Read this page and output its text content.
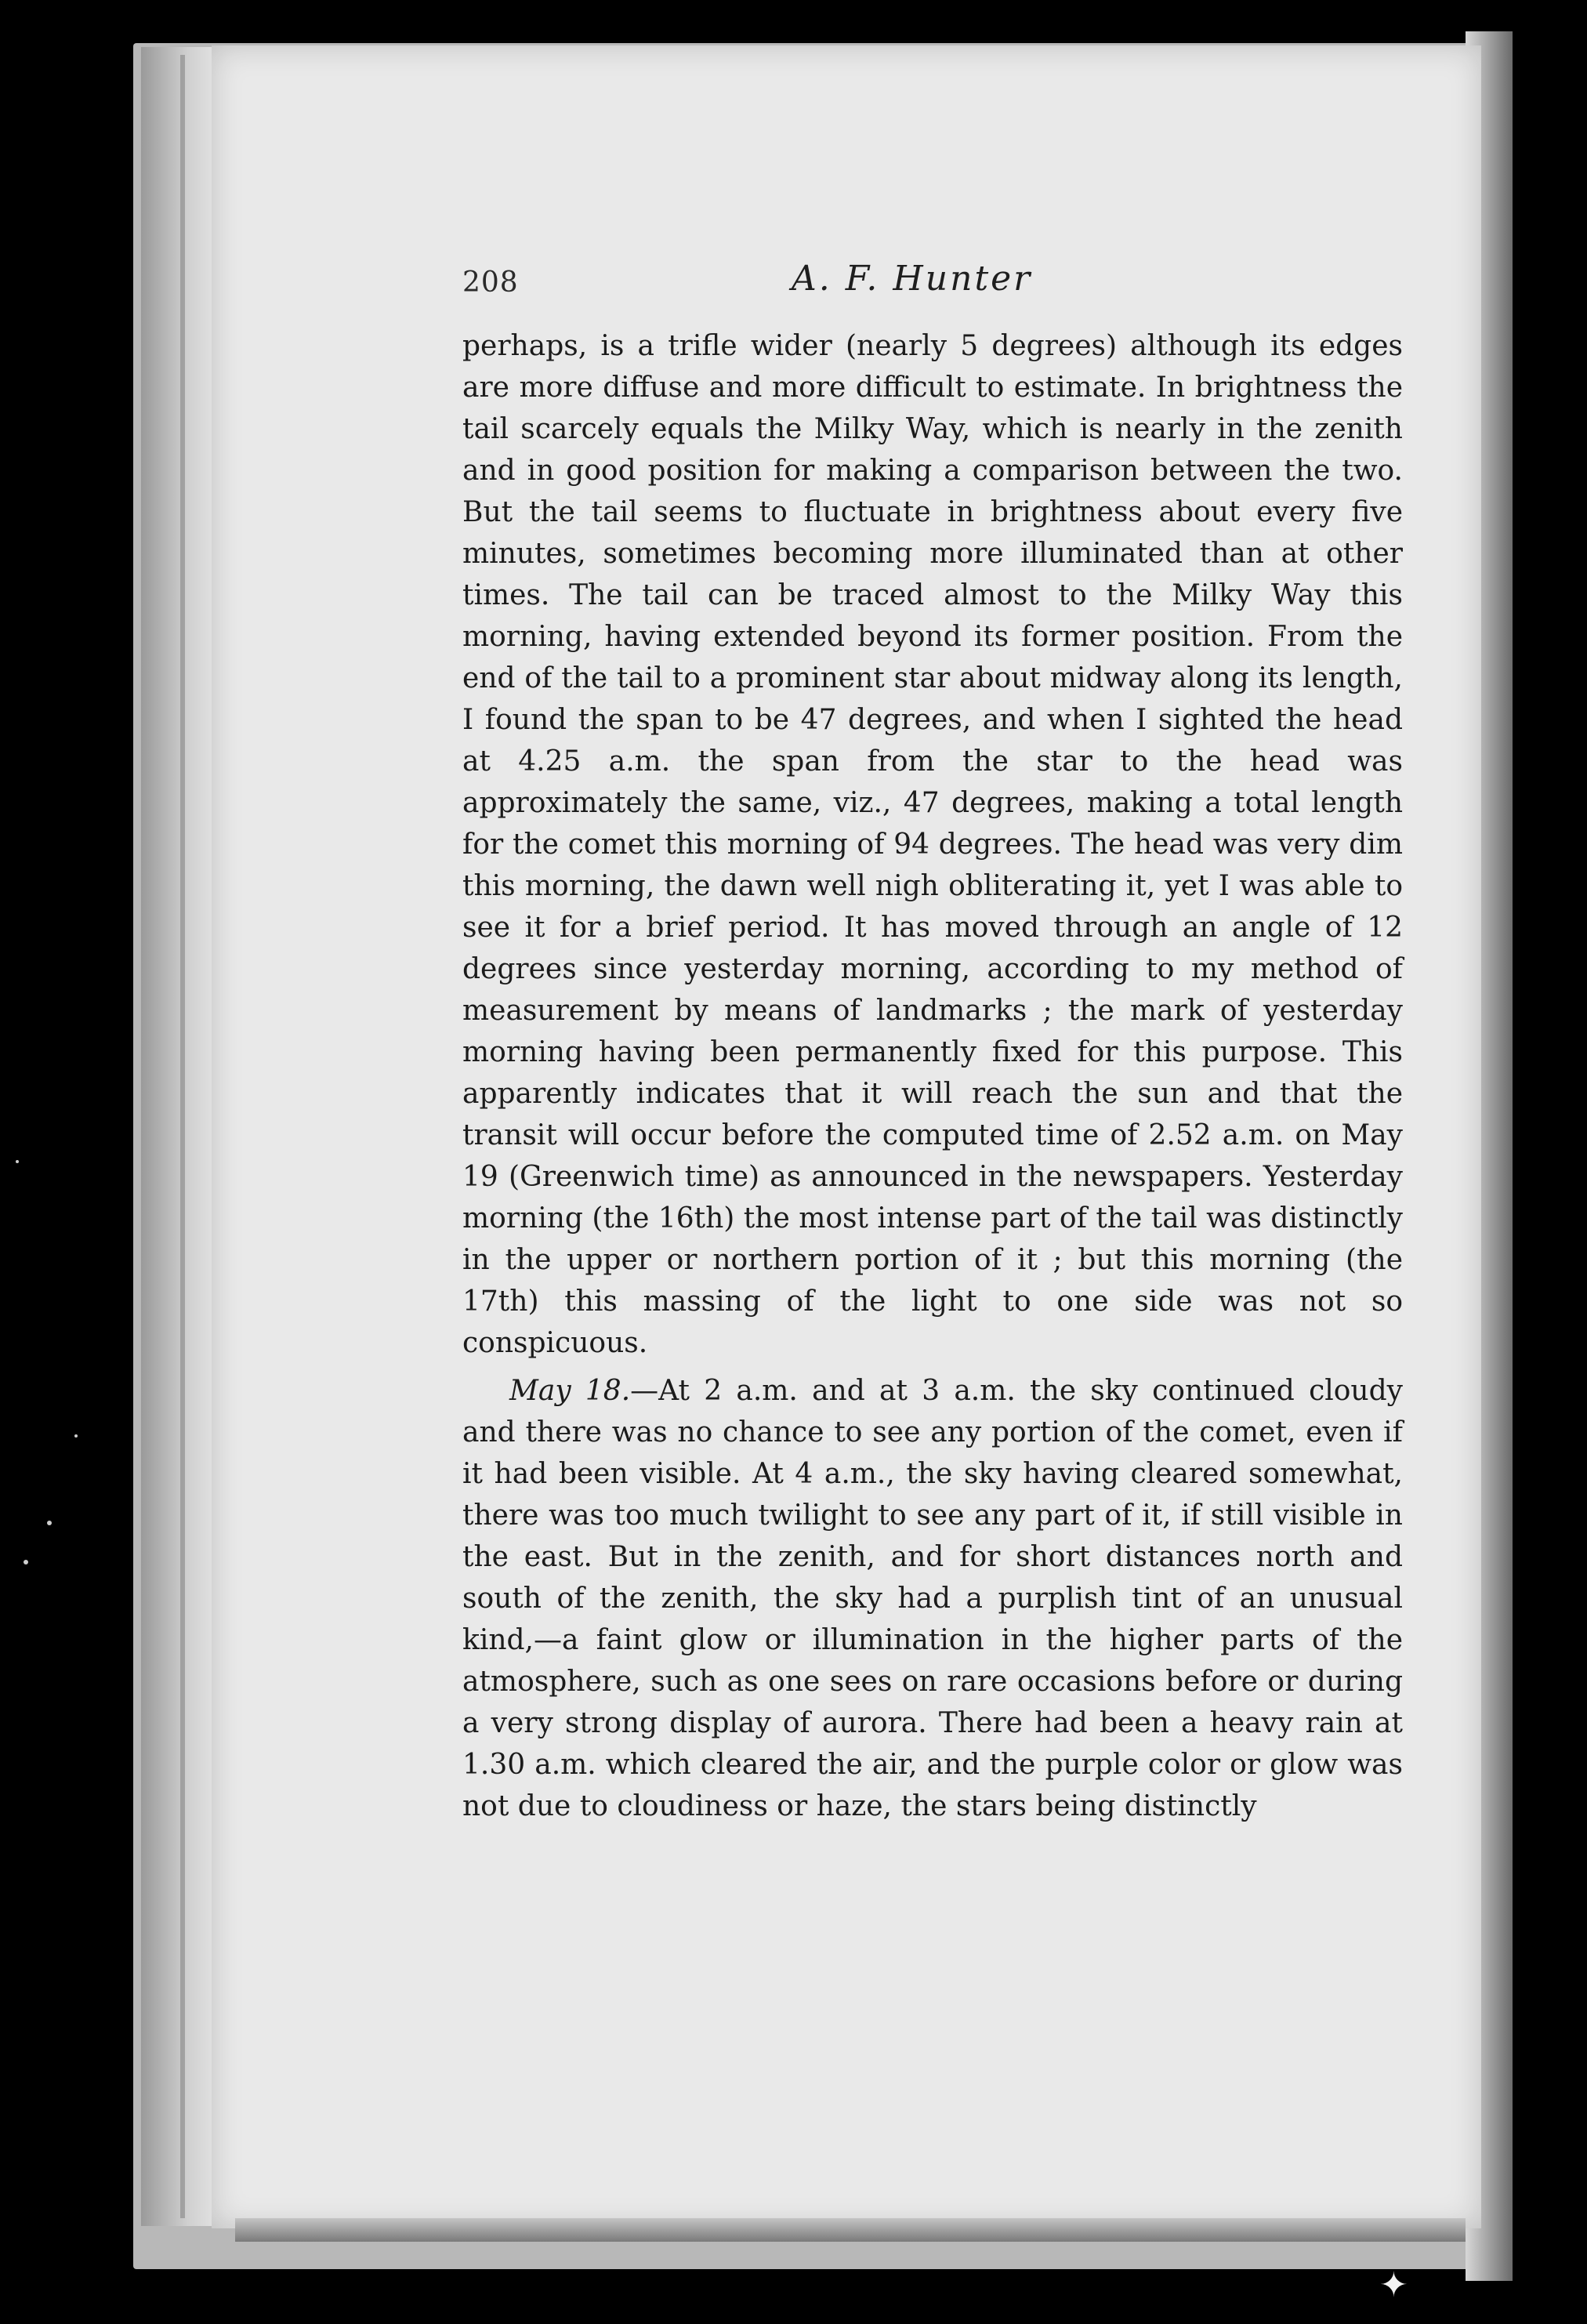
208	A. F. Hunter

perhaps, is a trifle wider (nearly 5 degrees) although its edges are more diffuse and more difficult to estimate. In brightness the tail scarcely equals the Milky Way, which is nearly in the zenith and in good position for making a comparison between the two. But the tail seems to fluctuate in brightness about every five minutes, sometimes becoming more illuminated than at other times. The tail can be traced almost to the Milky Way this morning, having extended beyond its former position. From the end of the tail to a prominent star about midway along its length, I found the span to be 47 degrees, and when I sighted the head at 4.25 a.m. the span from the star to the head was approximately the same, viz., 47 degrees, making a total length for the comet this morning of 94 degrees. The head was very dim this morning, the dawn well nigh obliterating it, yet I was able to see it for a brief period. It has moved through an angle of 12 degrees since yesterday morning, according to my method of measurement by means of landmarks ; the mark of yesterday morning having been permanently fixed for this purpose. This apparently indicates that it will reach the sun and that the transit will occur before the computed time of 2.52 a.m. on May 19 (Greenwich time) as announced in the newspapers. Yesterday morning (the 16th) the most intense part of the tail was distinctly in the upper or northern portion of it ; but this morning (the 17th) this massing of the light to one side was not so conspicuous.

May 18.—At 2 a.m. and at 3 a.m. the sky continued cloudy and there was no chance to see any portion of the comet, even if it had been visible. At 4 a.m., the sky having cleared somewhat, there was too much twilight to see any part of it, if still visible in the east. But in the zenith, and for short distances north and south of the zenith, the sky had a purplish tint of an unusual kind,—a faint glow or illumination in the higher parts of the atmosphere, such as one sees on rare occasions before or during a very strong display of aurora. There had been a heavy rain at 1.30 a.m. which cleared the air, and the purple color or glow was not due to cloudiness or haze, the stars being distinctly

✦
